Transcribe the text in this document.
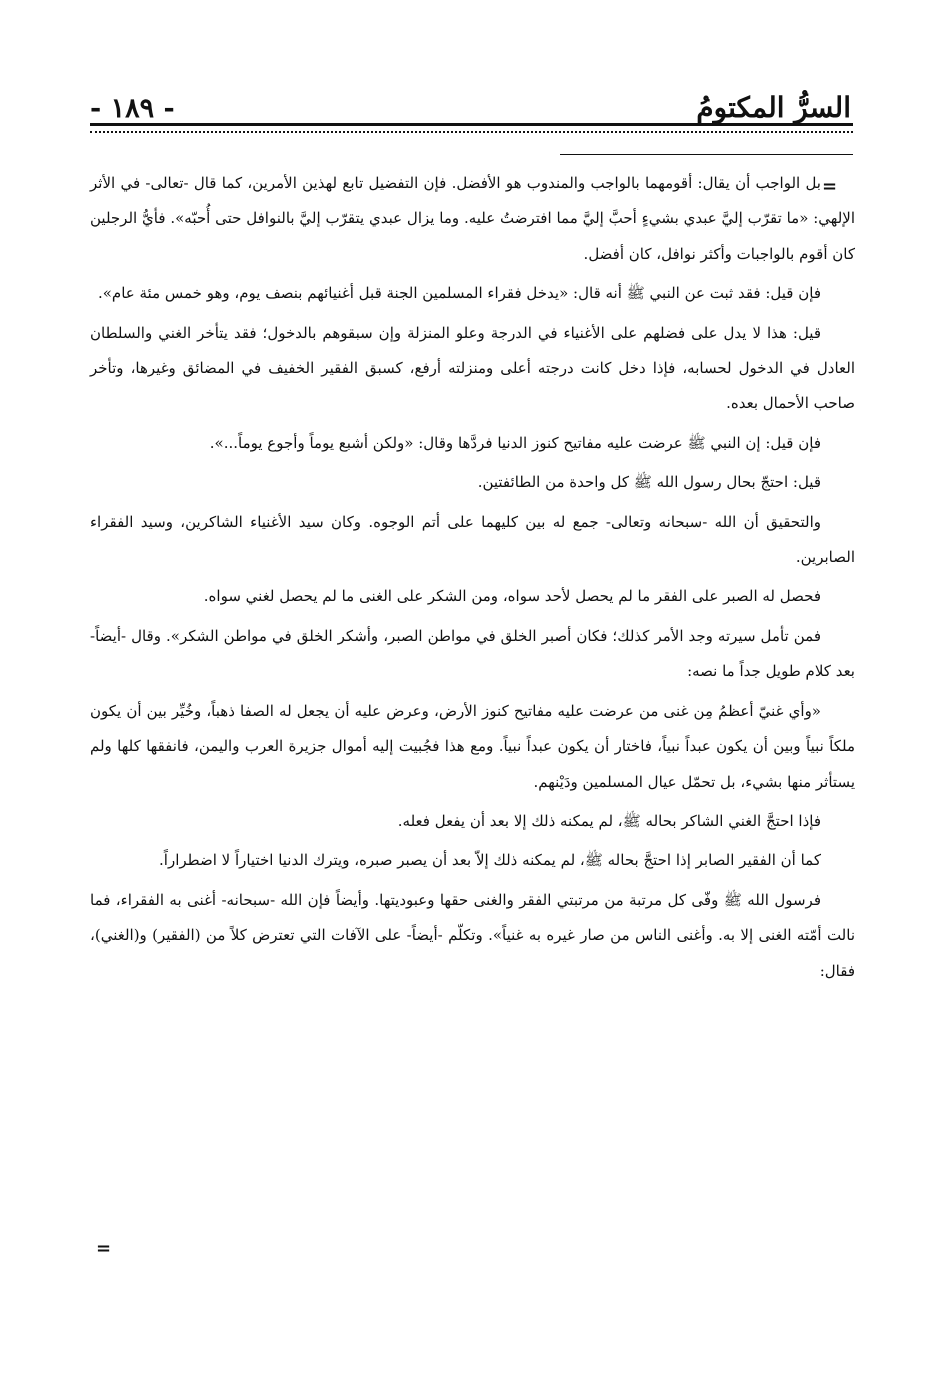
السرُّ المكتومُ
- ١٨٩ -
=

بل الواجب أن يقال: أقومهما بالواجب والمندوب هو الأفضل. فإن التفضيل تابع لهذين الأمرين، كما قال -تعالى- في الأثر الإلهي: «ما تقرّب إليَّ عبدي بشيءٍ أحبَّ إليَّ مما افترضتُ عليه. وما يزال عبدي يتقرّب إليَّ بالنوافل حتى أُحبّه». فأيُّ الرجلين كان أقوم بالواجبات وأكثر نوافل، كان أفضل.

فإن قيل: فقد ثبت عن النبي ﷺ أنه قال: «يدخل فقراء المسلمين الجنة قبل أغنيائهم بنصف يوم، وهو خمس مئة عام».

قيل: هذا لا يدل على فضلهم على الأغنياء في الدرجة وعلو المنزلة وإن سبقوهم بالدخول؛ فقد يتأخر الغني والسلطان العادل في الدخول لحسابه، فإذا دخل كانت درجته أعلى ومنزلته أرفع، كسبق الفقير الخفيف في المضائق وغيرها، وتأخر صاحب الأحمال بعده.

فإن قيل: إن النبي ﷺ عرضت عليه مفاتيح كنوز الدنيا فردَّها وقال: «ولكن أشبع يوماً وأجوع يوماً...».

قيل: احتجّ بحال رسول الله ﷺ كل واحدة من الطائفتين.

والتحقيق أن الله -سبحانه وتعالى- جمع له بين كليهما على أتم الوجوه. وكان سيد الأغنياء الشاكرين، وسيد الفقراء الصابرين.

فحصل له الصبر على الفقر ما لم يحصل لأحد سواه، ومن الشكر على الغنى ما لم يحصل لغني سواه.

فمن تأمل سيرته وجد الأمر كذلك؛ فكان أصبر الخلق في مواطن الصبر، وأشكر الخلق في مواطن الشكر». وقال -أيضاً- بعد كلام طويل جداً ما نصه:

«وأي غنيّ أعظمُ مِن غنى من عرضت عليه مفاتيح كنوز الأرض، وعرض عليه أن يجعل له الصفا ذهباً، وخُيِّر بين أن يكون ملكاً نبياً وبين أن يكون عبداً نبياً، فاختار أن يكون عبداً نبياً. ومع هذا فجُبيت إليه أموال جزيرة العرب واليمن، فانفقها كلها ولم يستأثر منها بشيء، بل تحمّل عيال المسلمين ودَيْنهم.

فإذا احتجَّ الغني الشاكر بحاله ﷺ، لم يمكنه ذلك إلا بعد أن يفعل فعله.

كما أن الفقير الصابر إذا احتجَّ بحاله ﷺ، لم يمكنه ذلك إلاّ بعد أن يصبر صبره، ويترك الدنيا اختياراً لا اضطراراً.

فرسول الله ﷺ وفّى كل مرتبة من مرتبتي الفقر والغنى حقها وعبوديتها. وأيضاً فإن الله -سبحانه- أغنى به الفقراء، فما نالت أمّته الغنى إلا به. وأغنى الناس من صار غيره به غنياً». وتكلّم -أيضاً- على الآفات التي تعترض كلاً من (الفقير) و(الغني)، فقال:

=
